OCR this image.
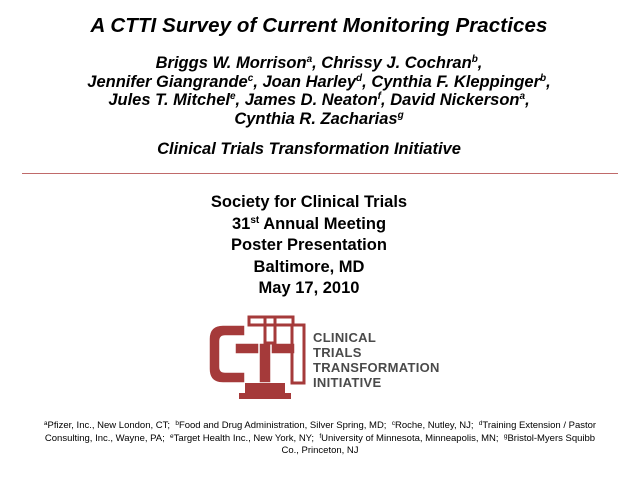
A CTTI Survey of Current Monitoring Practices
Briggs W. Morrison$^a$, Chrissy J. Cochran$^b$,
Jennifer Giangrande$^c$, Joan Harley$^d$, Cynthia F. Kleppinger$^b$,
Jules T. Mitchel$^e$, James D. Neaton$^f$, David Nickerson$^a$,
Cynthia R. Zacharias$^g$
Clinical Trials Transformation Initiative
Society for Clinical Trials
31st Annual Meeting
Poster Presentation
Baltimore, MD
May 17, 2010
CLINICAL
TRIALS
TRANSFORMATION
INITIATIVE
$^a$Pfizer, Inc., New London, CT; $^b$Food and Drug Administration, Silver Spring, MD; $^c$Roche, Nutley, NJ; $^d$Training Extension / Pastor Consulting, Inc., Wayne, PA; $^e$Target Health Inc., New York, NY; $^f$University of Minnesota, Minneapolis, MN; $^g$Bristol-Myers Squibb Co., Princeton, NJ
